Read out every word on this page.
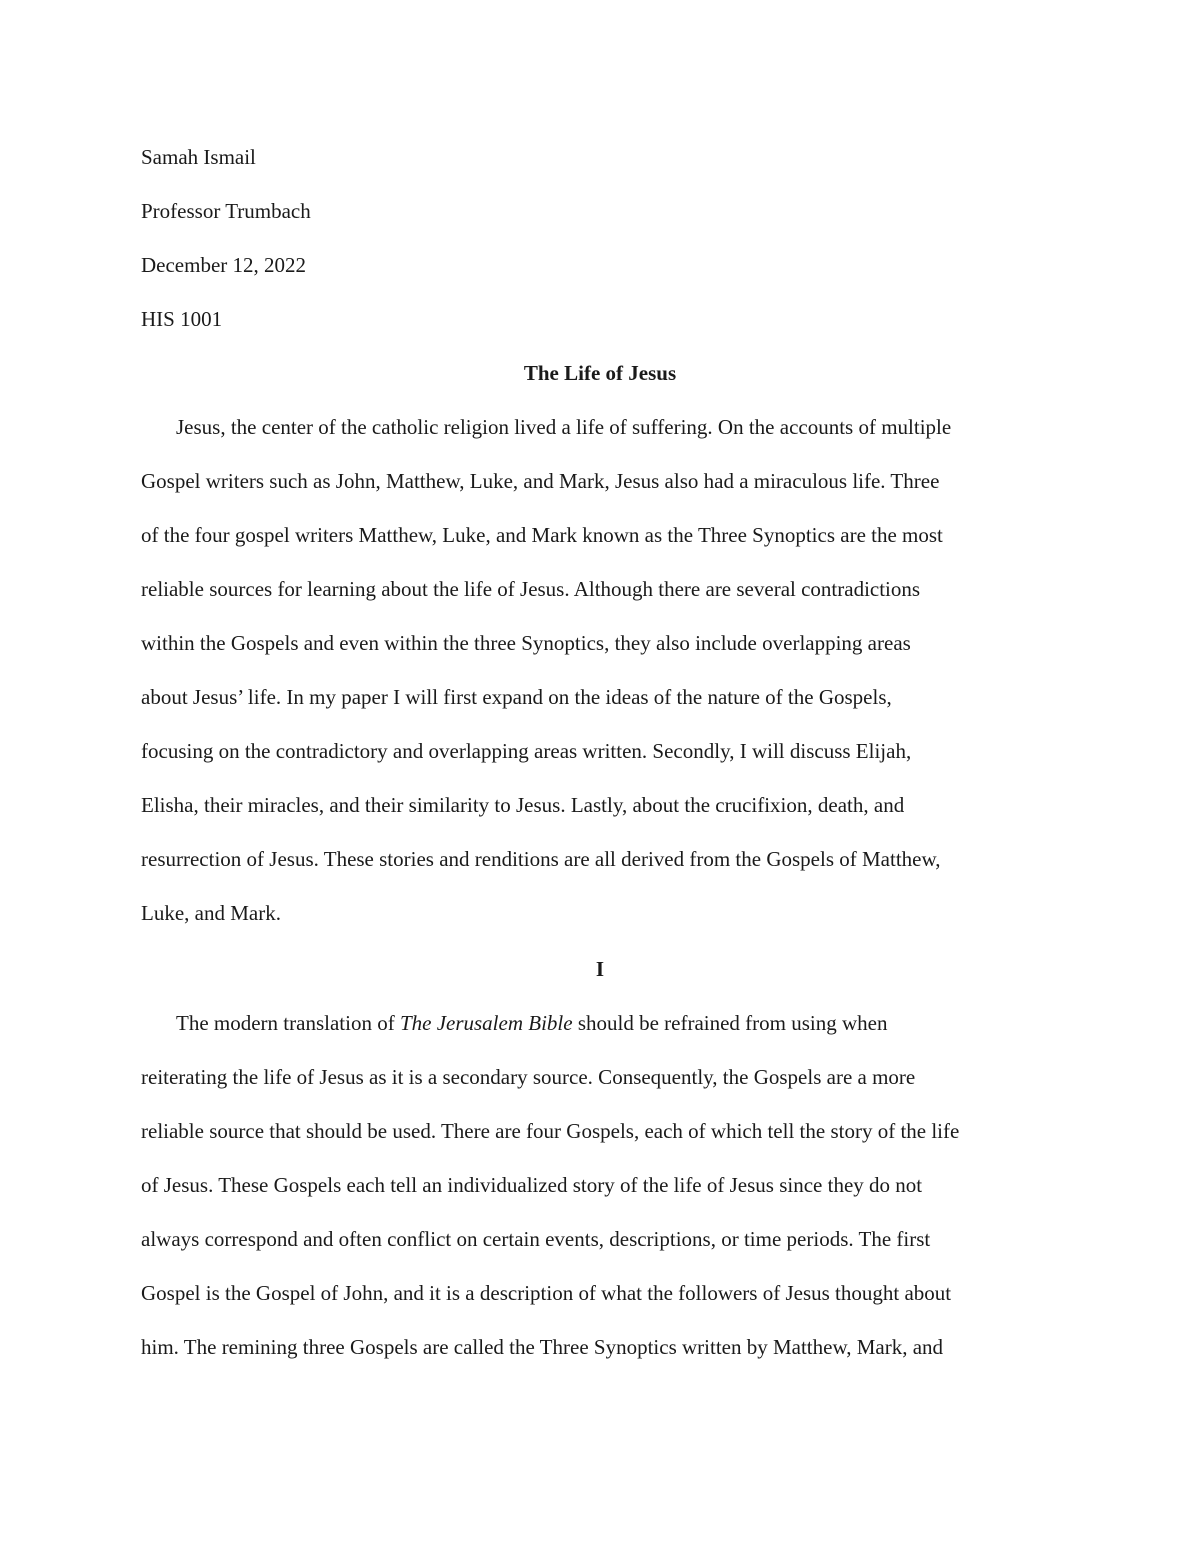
Samah Ismail
Professor Trumbach
December 12, 2022
HIS 1001
The Life of Jesus
Jesus, the center of the catholic religion lived a life of suffering. On the accounts of multiple
Gospel writers such as John, Matthew, Luke, and Mark, Jesus also had a miraculous life. Three
of the four gospel writers Matthew, Luke, and Mark known as the Three Synoptics are the most
reliable sources for learning about the life of Jesus. Although there are several contradictions
within the Gospels and even within the three Synoptics, they also include overlapping areas
about Jesus’ life. In my paper I will first expand on the ideas of the nature of the Gospels,
focusing on the contradictory and overlapping areas written. Secondly, I will discuss Elijah,
Elisha, their miracles, and their similarity to Jesus. Lastly, about the crucifixion, death, and
resurrection of Jesus. These stories and renditions are all derived from the Gospels of Matthew,
Luke, and Mark.
I
The modern translation of The Jerusalem Bible should be refrained from using when
reiterating the life of Jesus as it is a secondary source. Consequently, the Gospels are a more
reliable source that should be used. There are four Gospels, each of which tell the story of the life
of Jesus. These Gospels each tell an individualized story of the life of Jesus since they do not
always correspond and often conflict on certain events, descriptions, or time periods. The first
Gospel is the Gospel of John, and it is a description of what the followers of Jesus thought about
him. The remining three Gospels are called the Three Synoptics written by Matthew, Mark, and
